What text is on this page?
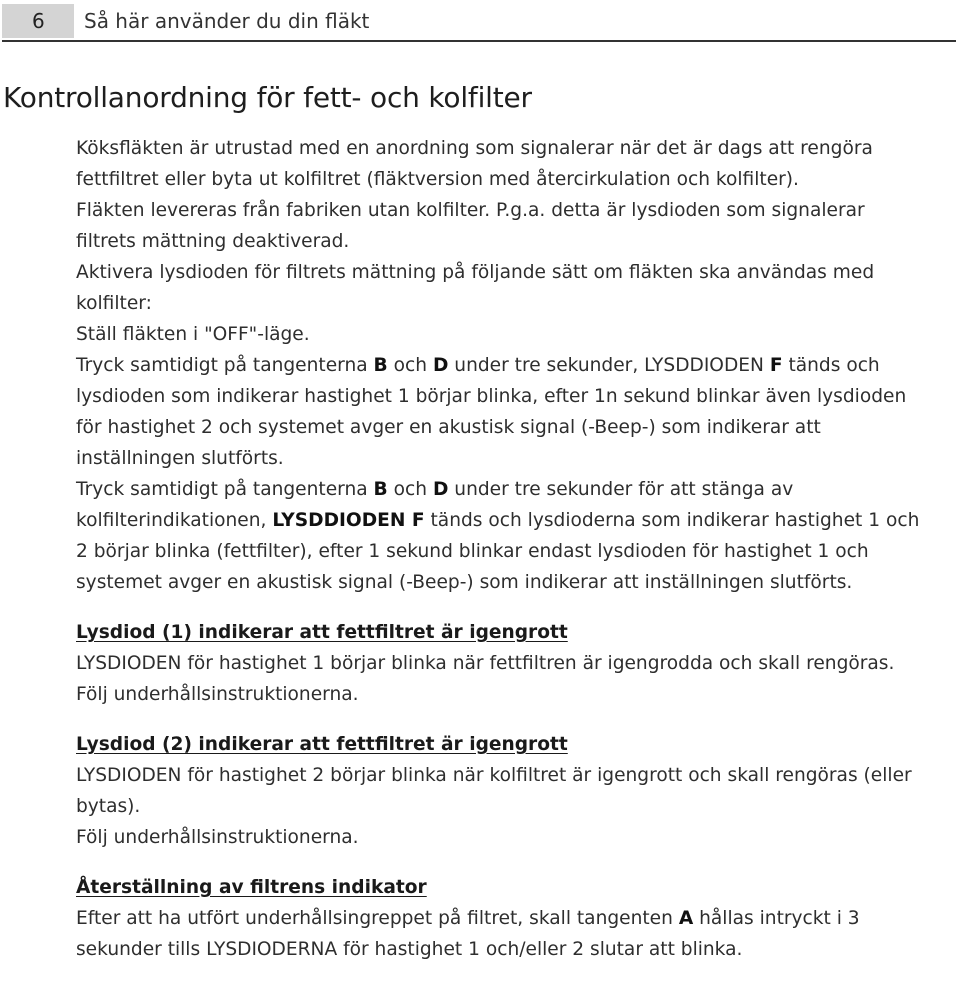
6	Så här använder du din fläkt
Kontrollanordning för fett- och kolfilter
Köksfläkten är utrustad med en anordning som signalerar när det är dags att rengöra
fettfiltret eller byta ut kolfiltret (fläktversion med återcirkulation och kolfilter).
Fläkten levereras från fabriken utan kolfilter. P.g.a. detta är lysdioden som signalerar
filtrets mättning deaktiverad.
Aktivera lysdioden för filtrets mättning på följande sätt om fläkten ska användas med
kolfilter:
Ställ fläkten i "OFF"-läge.
Tryck samtidigt på tangenterna B och D under tre sekunder, LYSDDIODEN F tänds och
lysdioden som indikerar hastighet 1 börjar blinka, efter 1n sekund blinkar även lysdioden
för hastighet 2 och systemet avger en akustisk signal (-Beep-) som indikerar att
inställningen slutförts.
Tryck samtidigt på tangenterna B och D under tre sekunder för att stänga av
kolfilterindikationen, LYSDDIODEN F tänds och lysdioderna som indikerar hastighet 1 och
2 börjar blinka (fettfilter), efter 1 sekund blinkar endast lysdioden för hastighet 1 och
systemet avger en akustisk signal (-Beep-) som indikerar att inställningen slutförts.
Lysdiod (1) indikerar att fettfiltret är igengrott
LYSDIODEN för hastighet 1 börjar blinka när fettfiltren är igengrodda och skall rengöras.
Följ underhållsinstruktionerna.
Lysdiod (2) indikerar att fettfiltret är igengrott
LYSDIODEN för hastighet 2 börjar blinka när kolfiltret är igengrott och skall rengöras (eller
bytas).
Följ underhållsinstruktionerna.
Återställning av filtrens indikator
Efter att ha utfört underhållsingreppet på filtret, skall tangenten A hållas intryckt i 3
sekunder tills LYSDIODERNA för hastighet 1 och/eller 2 slutar att blinka.
